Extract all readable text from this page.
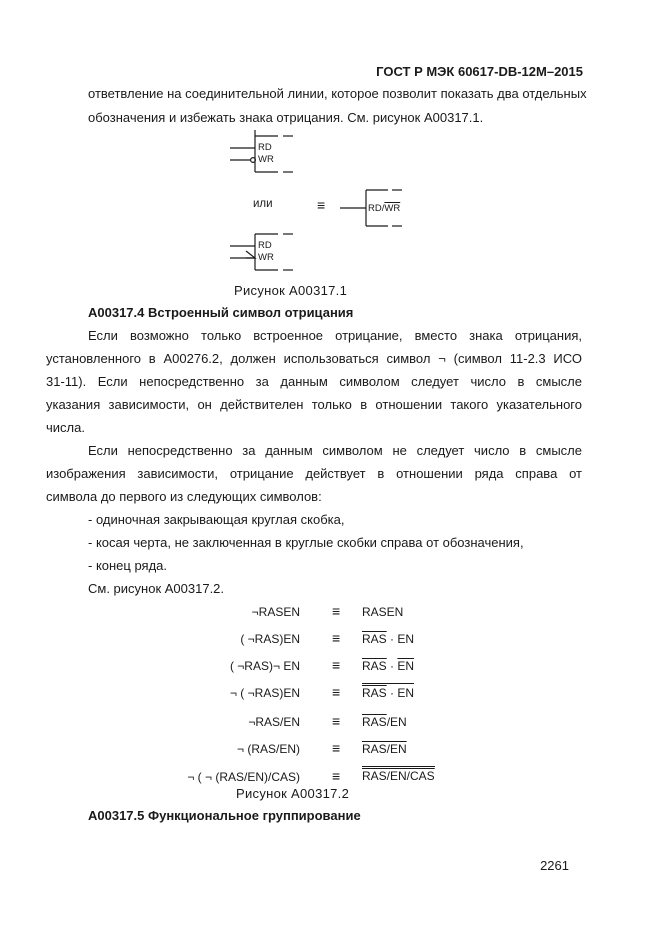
ГОСТ Р МЭК 60617-DB-12M–2015
ответвление на соединительной линии, которое позволит показать два отдельных
обозначения и избежать знака отрицания. См. рисунок A00317.1.
RD
WR
или	≡	$RD/\overline{WR}$
RD
WR
Рисунок A00317.1
A00317.4 Встроенный символ отрицания
Если возможно только встроенное отрицание, вместо знака отрицания,
установленного в A00276.2, должен использоваться символ ¬ (символ 11-2.3 ИСО
31-11). Если непосредственно за данным символом следует число в смысле
указания зависимости, он действителен только в отношении такого указательного
числа.
Если непосредственно за данным символом не следует число в смысле
изображения зависимости, отрицание действует в отношении ряда справа от
символа до первого из следующих символов:
- одиночная закрывающая круглая скобка,
- косая черта, не заключенная в круглые скобки справа от обозначения,
- конец ряда.
См. рисунок A00317.2.
¬RASEN ≡ RASEN
( ¬RAS)EN ≡ $\overline{RAS}$ · EN
( ¬RAS)¬ EN ≡ $\overline{RAS} \cdot \overline{EN}$
¬ ( ¬RAS)EN ≡ $\overline{RAS}$ · EN
¬RAS/EN ≡ $\overline{RAS}/EN$
¬ (RAS/EN) ≡ RAS/EN
¬ ( ¬ (RAS/EN)/CAS) ≡ RAS/EN/CAS
Рисунок A00317.2
A00317.5 Функциональное группирование
2261
